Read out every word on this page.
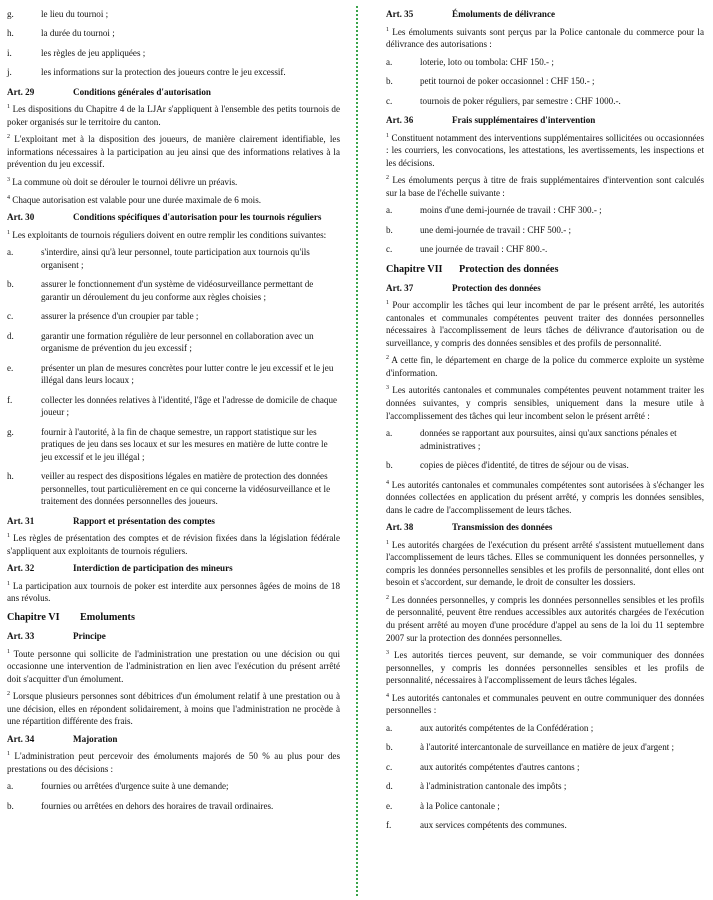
g.	le lieu du tournoi ;
h.	la durée du tournoi ;
i.	les règles de jeu appliquées ;
j.	les informations sur la protection des joueurs contre le jeu excessif.
Art. 29	Conditions générales d'autorisation

$^1$ Les dispositions du Chapitre 4 de la LJAr s'appliquent à l'ensemble des petits tournois de poker organisés sur le territoire du canton.

$^2$ L'exploitant met à la disposition des joueurs, de manière clairement identifiable, les informations nécessaires à la participation au jeu ainsi que des informations relatives à la prévention du jeu excessif.

$^3$ La commune où doit se dérouler le tournoi délivre un préavis.

$^4$ Chaque autorisation est valable pour une durée maximale de 6 mois.

Art. 30	Conditions spécifiques d'autorisation pour les tournois réguliers

$^1$ Les exploitants de tournois réguliers doivent en outre remplir les conditions suivantes:

a.	s'interdire, ainsi qu'à leur personnel, toute participation aux tournois qu'ils organisent ;
b.	assurer le fonctionnement d'un système de vidéosurveillance permettant de garantir un déroulement du jeu conforme aux règles choisies ;
c.	assurer la présence d'un croupier par table ;
d.	garantir une formation régulière de leur personnel en collaboration avec un organisme de prévention du jeu excessif ;
e.	présenter un plan de mesures concrètes pour lutter contre le jeu excessif et le jeu illégal dans leurs locaux ;
f.	collecter les données relatives à l'identité, l'âge et l'adresse de domicile de chaque joueur ;
g.	fournir à l'autorité, à la fin de chaque semestre, un rapport statistique sur les pratiques de jeu dans ses locaux et sur les mesures en matière de lutte contre le jeu excessif et le jeu illégal ;
h.	veiller au respect des dispositions légales en matière de protection des données personnelles, tout particulièrement en ce qui concerne la vidéosurveillance et le traitement des données personnelles des joueurs.
Art. 31	Rapport et présentation des comptes

$^1$ Les règles de présentation des comptes et de révision fixées dans la législation fédérale s'appliquent aux exploitants de tournois réguliers.

Art. 32	Interdiction de participation des mineurs

$^1$ La participation aux tournois de poker est interdite aux personnes âgées de moins de 18 ans révolus.

Chapitre VI	Emoluments
Art. 33	Principe

$^1$ Toute personne qui sollicite de l'administration une prestation ou une décision ou qui occasionne une intervention de l'administration en lien avec l'exécution du présent arrêté doit s'acquitter d'un émolument.

$^2$ Lorsque plusieurs personnes sont débitrices d'un émolument relatif à une prestation ou à une décision, elles en répondent solidairement, à moins que l'administration ne procède à une répartition différente des frais.

Art. 34	Majoration

$^1$ L'administration peut percevoir des émoluments majorés de 50 % au plus pour des prestations ou des décisions :

a.	fournies ou arrêtées d'urgence suite à une demande;
b.	fournies ou arrêtées en dehors des horaires de travail ordinaires.
Art. 35	Émoluments de délivrance

$^1$ Les émoluments suivants sont perçus par la Police cantonale du commerce pour la délivrance des autorisations :

a.	loterie, loto ou tombola: CHF 150.- ;
b.	petit tournoi de poker occasionnel : CHF 150.- ;
c.	tournois de poker réguliers, par semestre : CHF 1000.-.
Art. 36	Frais supplémentaires d'intervention

$^1$ Constituent notamment des interventions supplémentaires sollicitées ou occasionnées : les courriers, les convocations, les attestations, les avertissements, les inspections et les décisions.

$^2$ Les émoluments perçus à titre de frais supplémentaires d'intervention sont calculés sur la base de l'échelle suivante :

a.	moins d'une demi-journée de travail : CHF 300.- ;
b.	une demi-journée de travail : CHF 500.- ;
c.	une journée de travail : CHF 800.-.
Chapitre VII	Protection des données
Art. 37	Protection des données

$^1$ Pour accomplir les tâches qui leur incombent de par le présent arrêté, les autorités cantonales et communales compétentes peuvent traiter des données personnelles nécessaires à l'accomplissement de leurs tâches de délivrance d'autorisation ou de surveillance, y compris des données sensibles et des profils de personnalité.

$^2$ A cette fin, le département en charge de la police du commerce exploite un système d'information.

$^3$ Les autorités cantonales et communales compétentes peuvent notamment traiter les données suivantes, y compris sensibles, uniquement dans la mesure utile à l'accomplissement des tâches qui leur incombent selon le présent arrêté :

a.	données se rapportant aux poursuites, ainsi qu'aux sanctions pénales et administratives ;
b.	copies de pièces d'identité, de titres de séjour ou de visas.

$^4$ Les autorités cantonales et communales compétentes sont autorisées à s'échanger les données collectées en application du présent arrêté, y compris les données sensibles, dans le cadre de l'accomplissement de leurs tâches.

Art. 38	Transmission des données

$^1$ Les autorités chargées de l'exécution du présent arrêté s'assistent mutuellement dans l'accomplissement de leurs tâches. Elles se communiquent les données personnelles, y compris les données personnelles sensibles et les profils de personnalité, dont elles ont besoin et s'accordent, sur demande, le droit de consulter les dossiers.

$^2$ Les données personnelles, y compris les données personnelles sensibles et les profils de personnalité, peuvent être rendues accessibles aux autorités chargées de l'exécution du présent arrêté au moyen d'une procédure d'appel au sens de la loi du 11 septembre 2007 sur la protection des données personnelles.

$^3$ Les autorités tierces peuvent, sur demande, se voir communiquer des données personnelles, y compris les données personnelles sensibles et les profils de personnalité, nécessaires à l'accomplissement de leurs tâches légales.

$^4$ Les autorités cantonales et communales peuvent en outre communiquer des données personnelles :

a.	aux autorités compétentes de la Confédération ;
b.	à l'autorité intercantonale de surveillance en matière de jeux d'argent ;
c.	aux autorités compétentes d'autres cantons ;
d.	à l'administration cantonale des impôts ;
e.	à la Police cantonale ;
f.	aux services compétents des communes.
